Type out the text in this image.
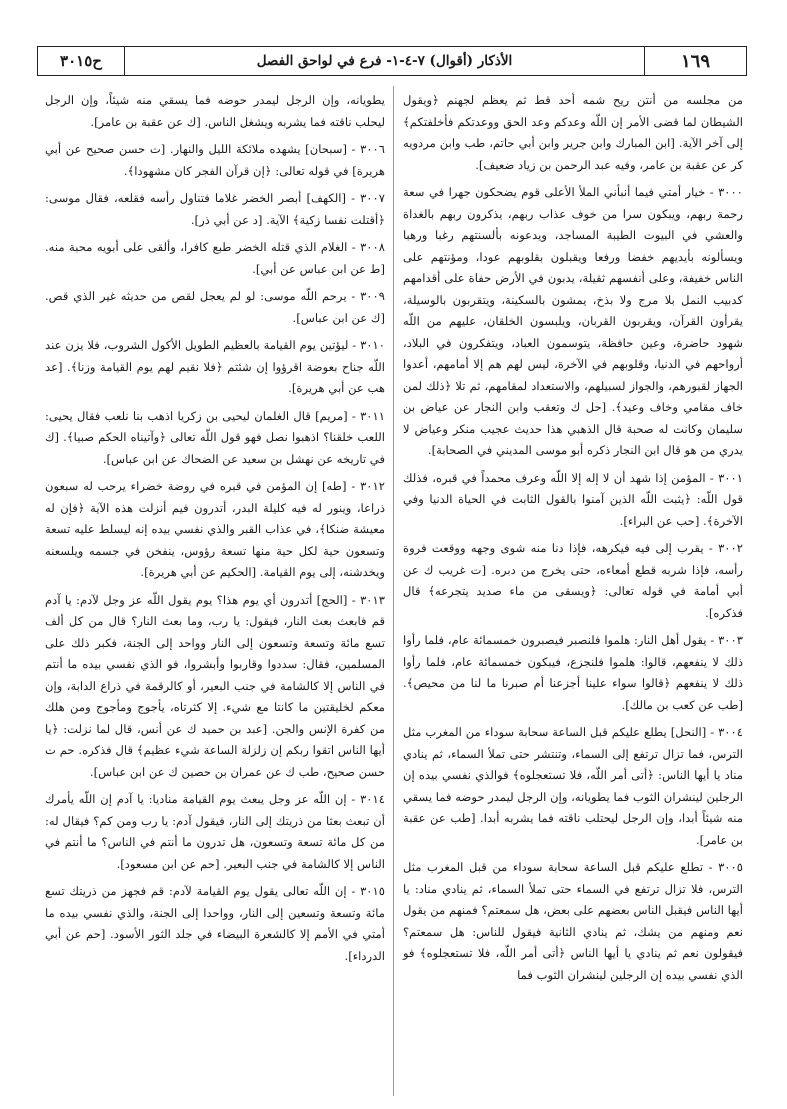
١٦٩
الأذكار (أقوال) ٧-٤-١- فرع في لواحق الفصل
ح٣٠١٥

من مجلسه من أنتن ريح شمه أحد قط ثم يعظم لجهنم ﴿ويقول الشيطان لما قضى الأمر إن اللّه وعدكم وعد الحق ووعدتكم فأخلفتكم﴾ إلى آخر الآية. [ابن المبارك وابن جرير وابن أبي حاتم، طب وابن مردويه كر عن عقبة بن عامر، وفيه عبد الرحمن بن زياد ضعيف].

٣٠٠٠ - خيار أمتي فيما أنبأني الملأ الأعلى قوم يضحكون جهرا في سعة رحمة ربهم، ويبكون سرا من خوف عذاب ربهم، يذكرون ربهم بالغداة والعشي في البيوت الطيبة المساجد، ويدعونه بألسنتهم رغبا ورهبا ويسألونه بأيديهم خفضا ورفعا ويقبلون بقلوبهم عودا، ومؤنتهم على الناس خفيفة، وعلى أنفسهم ثقيلة، يدبون في الأرض حفاة على أقدامهم كدبيب النمل بلا مرج ولا بذخ، يمشون بالسكينة، ويتقربون بالوسيلة، يقرأون القرآن، ويقربون القربان، ويلبسون الخلقان، عليهم من اللّه شهود حاضرة، وعين حافظة، يتوسمون العباد، ويتفكرون في البلاد، أرواحهم في الدنيا، وقلوبهم في الآخرة، ليس لهم هم إلا أمامهم، أعدوا الجهاز لقبورهم، والجواز لسبيلهم، والاستعداد لمقامهم، ثم تلا ﴿ذلك لمن خاف مقامي وخاف وعيد﴾. [حل ك وتعقب وابن النجار عن عياض بن سليمان وكانت له صحبة قال الذهبي هذا حديث عجيب منكر وعياض لا يدري من هو قال ابن النجار ذكره أبو موسى المديني في الصحابة].

٣٠٠١ - المؤمن إذا شهد أن لا إله إلا اللّه وعرف محمداً في قبره، فذلك قول اللّه: ﴿يثبت اللّه الذين آمنوا بالقول الثابت في الحياة الدنيا وفي الآخرة﴾. [حب عن البراء].

٣٠٠٢ - يقرب إلى فيه فيكرهه، فإذا دنا منه شوى وجهه ووقعت فروة رأسه، فإذا شربه قطع أمعاءه، حتى يخرج من دبره. [ت غريب ك عن أبي أمامة في قوله تعالى: ﴿ويسقى من ماء صديد يتجرعه﴾ قال فذكره].

٣٠٠٣ - يقول أهل النار: هلموا فلنصبر فيصبرون خمسمائة عام، فلما رأوا ذلك لا ينفعهم، قالوا: هلموا فلنجزع، فيبكون خمسمائة عام، فلما رأوا ذلك لا ينفعهم ﴿قالوا سواء علينا أجزعنا أم صبرنا ما لنا من محيص﴾. [طب عن كعب بن مالك].

٣٠٠٤ - [النحل] يطلع عليكم قبل الساعة سحابة سوداء من المغرب مثل الترس، فما تزال ترتفع إلى السماء، وتنتشر حتى تملأ السماء، ثم ينادي مناد يا أيها الناس: ﴿أتى أمر اللّه، فلا تستعجلوه﴾ فوالذي نفسي بيده إن الرجلين لينشران الثوب فما يطويانه، وإن الرجل ليمدر حوضه فما يسقي منه شيئاً أبدا، وإن الرجل ليحتلب ناقته فما يشربه أبدا. [طب عن عقبة بن عامر].

٣٠٠٥ - تطلع عليكم قبل الساعة سحابة سوداء من قبل المغرب مثل الترس، فلا تزال ترتفع في السماء حتى تملأ السماء، ثم ينادي مناد: يا أيها الناس فيقبل الناس بعضهم على بعض، هل سمعتم؟ فمنهم من يقول نعم ومنهم من يشك، ثم ينادي الثانية فيقول للناس: هل سمعتم؟ فيقولون نعم ثم ينادي يا أيها الناس ﴿أتى أمر اللّه، فلا تستعجلوه﴾ فو الذي نفسي بيده إن الرجلين لينشران الثوب فما

يطويانه، وإن الرجل ليمدر حوضه فما يسقي منه شيئاً، وإن الرجل ليحلب ناقته فما يشربه ويشغل الناس. [ك عن عقبة بن عامر].

٣٠٠٦ - [سبحان] يشهده ملائكة الليل والنهار. [ت حسن صحيح عن أبي هريرة] في قوله تعالى: ﴿إن قرآن الفجر كان مشهودا﴾.

٣٠٠٧ - [الكهف] أبصر الخضر غلاما فتناول رأسه فقلعه، فقال موسى: ﴿أقتلت نفسا زكية﴾ الآية. [د عن أبي ذر].

٣٠٠٨ - الغلام الذي قتله الخضر طبع كافرا، وألقى على أبويه محبة منه. [ط عن ابن عباس عن أبي].

٣٠٠٩ - يرحم اللّه موسى: لو لم يعجل لقص من حديثه غير الذي قص. [ك عن ابن عباس].

٣٠١٠ - ليؤتين يوم القيامة بالعظيم الطويل الأكول الشروب، فلا يزن عند اللّه جناح بعوضة اقرؤوا إن شئتم ﴿فلا نقيم لهم يوم القيامة وزنا﴾. [عد هب عن أبي هريرة].

٣٠١١ - [مريم] قال الغلمان ليحيى بن زكريا اذهب بنا نلعب فقال يحيى: اللعب خلقنا؟ اذهبوا نصل فهو قول اللّه تعالى ﴿وآتيناه الحكم صبيا﴾. [ك في تاريخه عن نهشل بن سعيد عن الضحاك عن ابن عباس].

٣٠١٢ - [طه] إن المؤمن في قبره في روضة خضراء يرحب له سبعون ذراعا، وينور له فيه كليلة البدر، أتدرون فيم أنزلت هذه الآية ﴿فإن له معيشة ضنكا﴾، في عذاب القبر والذي نفسي بيده إنه ليسلط عليه تسعة وتسعون حية لكل حية منها تسعة رؤوس، ينفخن في جسمه ويلسعنه ويخدشنه، إلى يوم القيامة. [الحكيم عن أبي هريرة].

٣٠١٣ - [الحج] أتدرون أي يوم هذا؟ يوم يقول اللّه عز وجل لآدم: يا آدم قم فابعث بعث النار، فيقول: يا رب، وما بعث النار؟ قال من كل ألف تسع مائة وتسعة وتسعون إلى النار وواحد إلى الجنة، فكبر ذلك على المسلمين، فقال: سددوا وقاربوا وأبشروا، فو الذي نفسي بيده ما أنتم في الناس إلا كالشامة في جنب البعير، أو كالرقمة في ذراع الدابة، وإن معكم لخليقتين ما كانتا مع شيء. إلا كثرتاه، يأجوج ومأجوج ومن هلك من كفرة الإنس والجن. [عبد بن حميد ك عن أنس، قال لما نزلت: ﴿يا أيها الناس اتقوا ربكم إن زلزلة الساعة شيء عظيم﴾ قال فذكره. حم ت حسن صحيح، طب ك عن عمران بن حصين ك عن ابن عباس].

٣٠١٤ - إن اللّه عز وجل يبعث يوم القيامة مناديا: يا آدم إن اللّه يأمرك أن تبعث بعثا من ذريتك إلى النار، فيقول آدم: يا رب ومن كم؟ فيقال له: من كل مائة تسعة وتسعون، هل تدرون ما أنتم في الناس؟ ما أنتم في الناس إلا كالشامة في جنب البعير. [حم عن ابن مسعود].

٣٠١٥ - إن اللّه تعالى يقول يوم القيامة لآدم: قم فجهز من ذريتك تسع مائة وتسعة وتسعين إلى النار، وواحدا إلى الجنة، والذي نفسي بيده ما أمتي في الأمم إلا كالشعرة البيضاء في جلد الثور الأسود. [حم عن أبي الدرداء].
